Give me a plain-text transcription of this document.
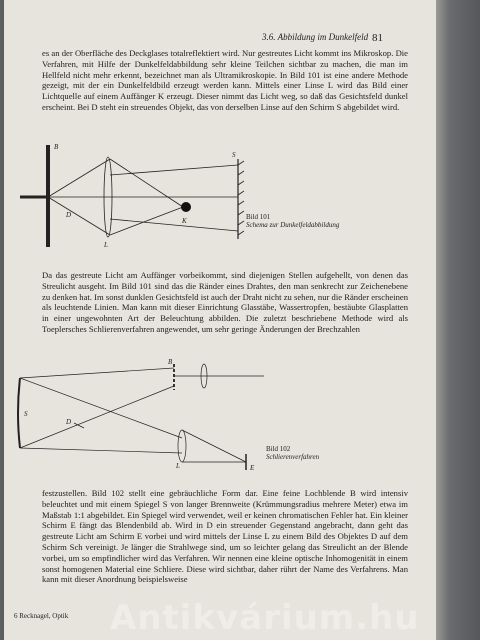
3.6. Abbildung im Dunkelfeld 81

es an der Oberfläche des Deckglases totalreflektiert wird. Nur gestreutes Licht kommt ins Mikroskop. Die Verfahren, mit Hilfe der Dunkelfeldabbildung sehr kleine Teilchen sichtbar zu machen, die man im Hellfeld nicht mehr erkennt, bezeichnet man als Ultramikroskopie. In Bild 101 ist eine andere Methode gezeigt, mit der ein Dunkelfeldbild erzeugt werden kann. Mittels einer Linse L wird das Bild einer Lichtquelle auf einem Auffänger K erzeugt. Dieser nimmt das Licht weg, so daß das Gesichtsfeld dunkel erscheint. Bei D steht ein streuendes Objekt, das von derselben Linse auf den Schirm S abgebildet wird.

B
D
L
K
S
Bild 101
Schema zur Dunkelfeldabbildung

Da das gestreute Licht am Auffänger vorbeikommt, sind diejenigen Stellen aufgehellt, von denen das Streulicht ausgeht. Im Bild 101 sind das die Ränder eines Drahtes, den man senkrecht zur Zeichenebene zu denken hat. Im sonst dunklen Gesichtsfeld ist auch der Draht nicht zu sehen, nur die Ränder erscheinen als leuchtende Linien. Man kann mit dieser Einrichtung Glasstäbe, Wassertropfen, bestäubte Glasplatten in einer ungewohnten Art der Beleuchtung abbilden. Die zuletzt beschriebene Methode wird als Toeplersches Schlierenverfahren angewendet, um sehr geringe Änderungen der Brechzahlen

S
B
D
L	E
Bild 102
Schlierenverfahren

festzustellen. Bild 102 stellt eine gebräuchliche Form dar. Eine feine Lochblende B wird intensiv beleuchtet und mit einem Spiegel S von langer Brennweite (Krümmungsradius mehrere Meter) etwa im Maßstab 1:1 abgebildet. Ein Spiegel wird verwendet, weil er keinen chromatischen Fehler hat. Ein kleiner Schirm E fängt das Blendenbild ab. Wird in D ein streuender Gegenstand angebracht, dann geht das gestreute Licht am Schirm E vorbei und wird mittels der Linse L zu einem Bild des Objektes D auf dem Schirm Sch vereinigt. Je länger die Strahlwege sind, um so leichter gelang das Streulicht an der Blende vorbei, um so empfindlicher wird das Verfahren. Wir nennen eine kleine optische Inhomogenität in einem sonst homogenen Material eine Schliere. Diese wird sichtbar, daher rührt der Name des Verfahrens. Man kann mit dieser Anordnung beispielsweise

6 Recknagel, Optik Antikvárium.hu
